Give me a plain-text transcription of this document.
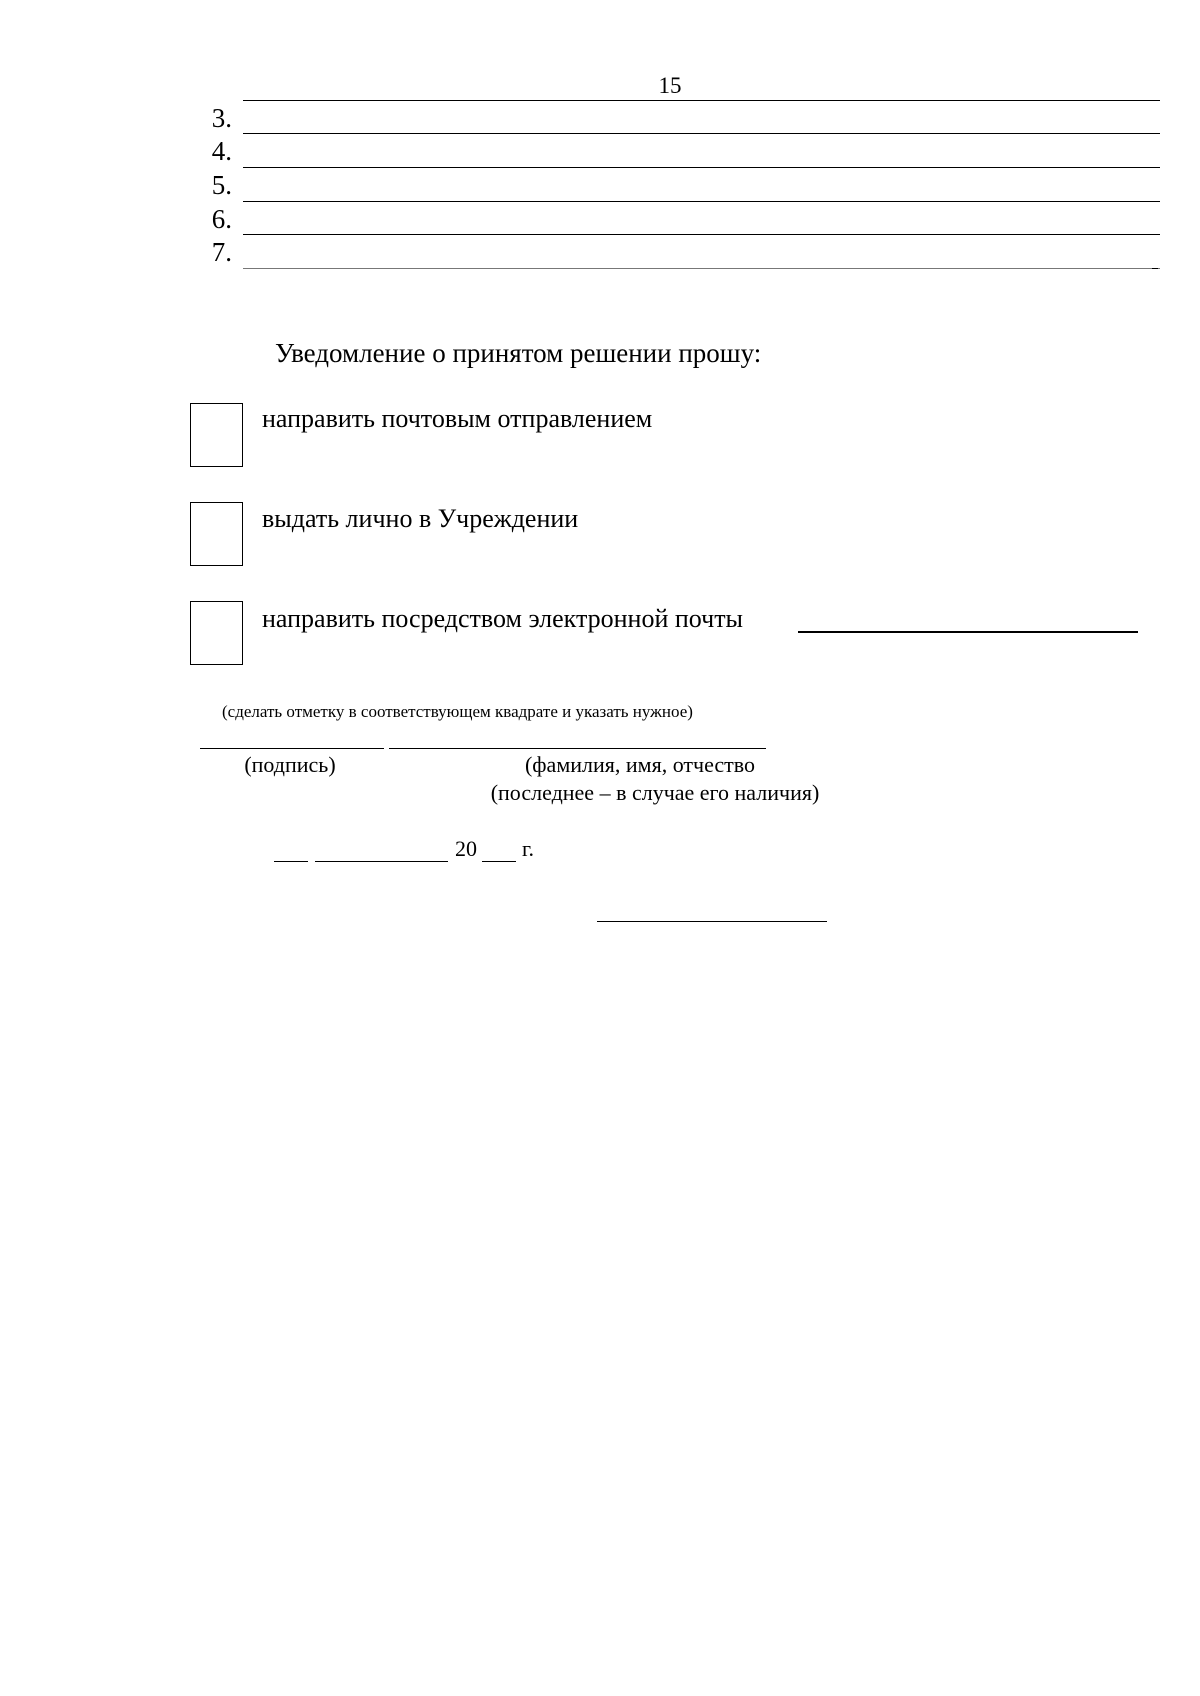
15
3.
4.
5.
6.
7.
Уведомление о принятом решении прошу:
направить почтовым отправлением
выдать лично в Учреждении
направить посредством электронной почты
(сделать отметку в соответствующем квадрате и указать нужное)
(подпись)	(фамилия, имя, отчество
(последнее – в случае его наличия)
20 г.
